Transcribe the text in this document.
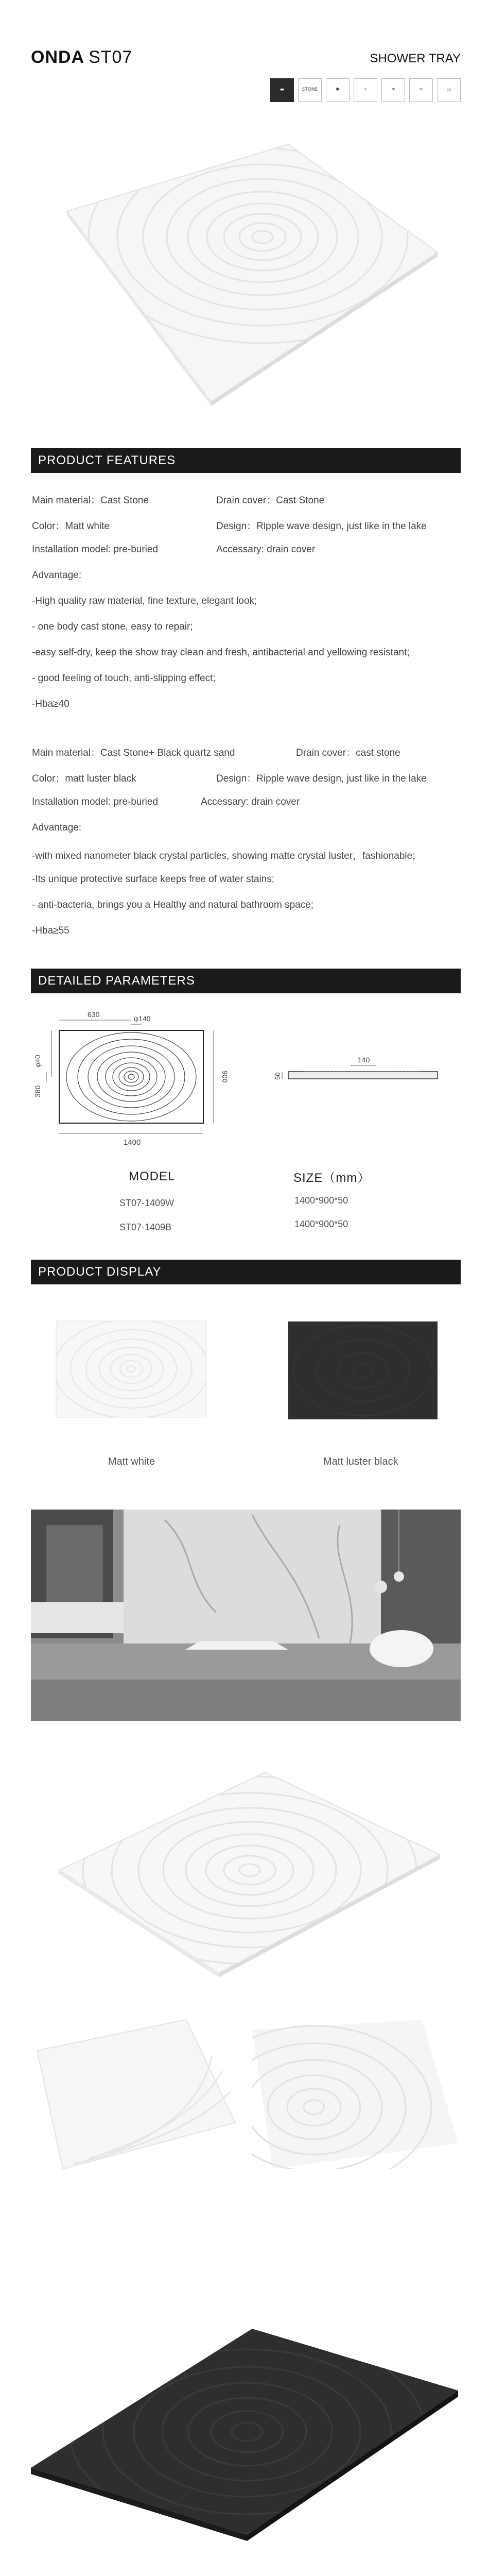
ONDA ST07	SHOWER TRAY
▬	STONE	✱	✧	≋	✂	▭
PRODUCT FEATURES
Main material：Cast Stone	Drain cover：Cast Stone
Color：Matt white	Design：Ripple wave design, just like in the lake
Installation model: pre-buried	Accessary: drain cover
Advantage:
-High quality raw material, fine texture, elegant look;
- one body cast stone, easy to repair;
-easy self-dry, keep the show tray clean and fresh, antibacterial and yellowing resistant;
- good feeling of touch, anti-slipping effect;
-Hba≥40
Main material：Cast Stone+ Black quartz sand	Drain cover：cast stone
Color：matt luster black	Design：Ripple wave design, just like in the lake
Installation model: pre-buried	Accessary: drain cover
Advantage:
-with mixed nanometer black crystal particles, showing matte crystal luster，fashionable;
-Its unique protective surface keeps free of water stains;
- anti-bacteria, brings you a Healthy and natural bathroom space;
-Hba≥55
DETAILED PARAMETERS
630	φ140
φ40
380
900
1400
140
50
MODEL	SIZE（mm）
ST07-1409W	1400*900*50
ST07-1409B	1400*900*50
PRODUCT DISPLAY
Matt white	Matt luster black
